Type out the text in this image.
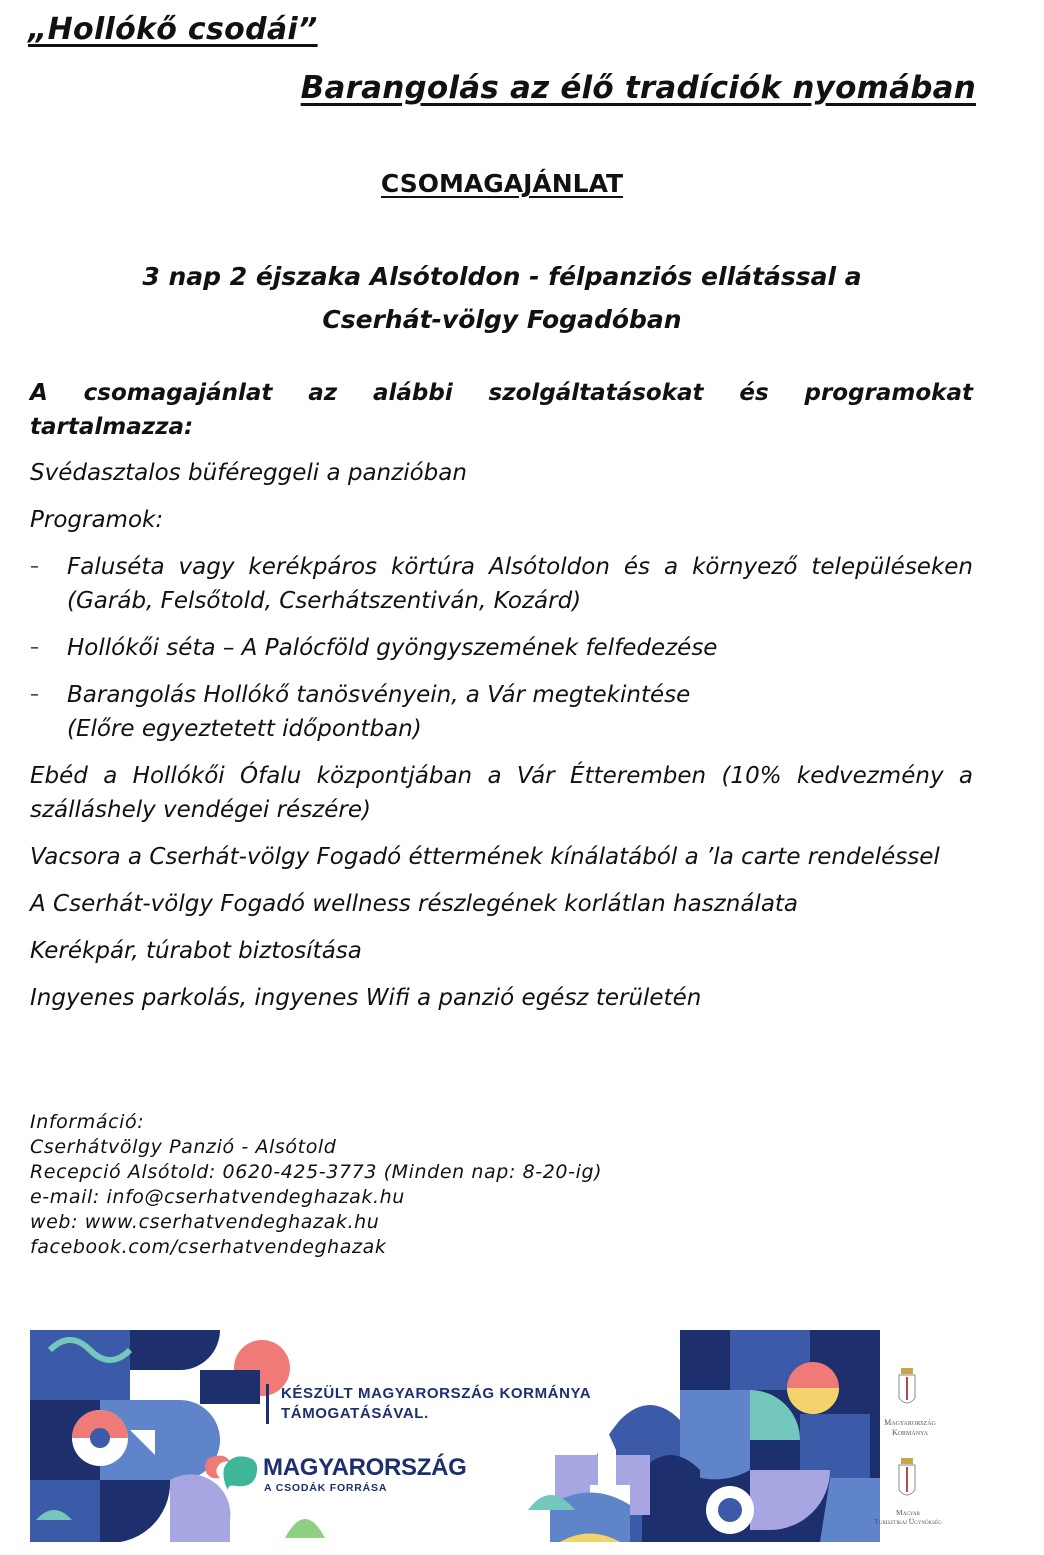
„Hollókő csodái”
Barangolás az élő tradíciók nyomában
CSOMAGAJÁNLAT
3 nap 2 éjszaka Alsótoldon - félpanziós ellátással a
Cserhát-völgy Fogadóban

A csomagajánlat az alábbi szolgáltatásokat és programokat tartalmazza:

Svédasztalos büféreggeli a panzióban

Programok:

– Faluséta vagy kerékpáros körtúra Alsótoldon és a környező településeken (Garáb, Felsőtold, Cserhátszentiván, Kozárd)
– Hollókői séta – A Palócföld gyöngyszemének felfedezése
– Barangolás Hollókő tanösvényein, a Vár megtekintése
(Előre egyeztetett időpontban)

Ebéd a Hollókői Ófalu központjában a Vár Étteremben (10% kedvezmény a szálláshely vendégei részére)

Vacsora a Cserhát-völgy Fogadó éttermének kínálatából a ’la carte rendeléssel

A Cserhát-völgy Fogadó wellness részlegének korlátlan használata

Kerékpár, túrabot biztosítása

Ingyenes parkolás, ingyenes Wifi a panzió egész területén

Információ:
Cserhátvölgy Panzió - Alsótold
Recepció Alsótold: 0620-425-3773 (Minden nap: 8-20-ig)
e-mail: info@cserhatvendeghazak.hu
web: www.cserhatvendeghazak.hu
facebook.com/cserhatvendeghazak
KÉSZÜLT MAGYARORSZÁG KORMÁNYA
TÁMOGATÁSÁVAL.
MAGYARORSZÁG
A CSODÁK FORRÁSA
Magyarország
Kormánya
Magyar
Turisztikai Ügynökség
